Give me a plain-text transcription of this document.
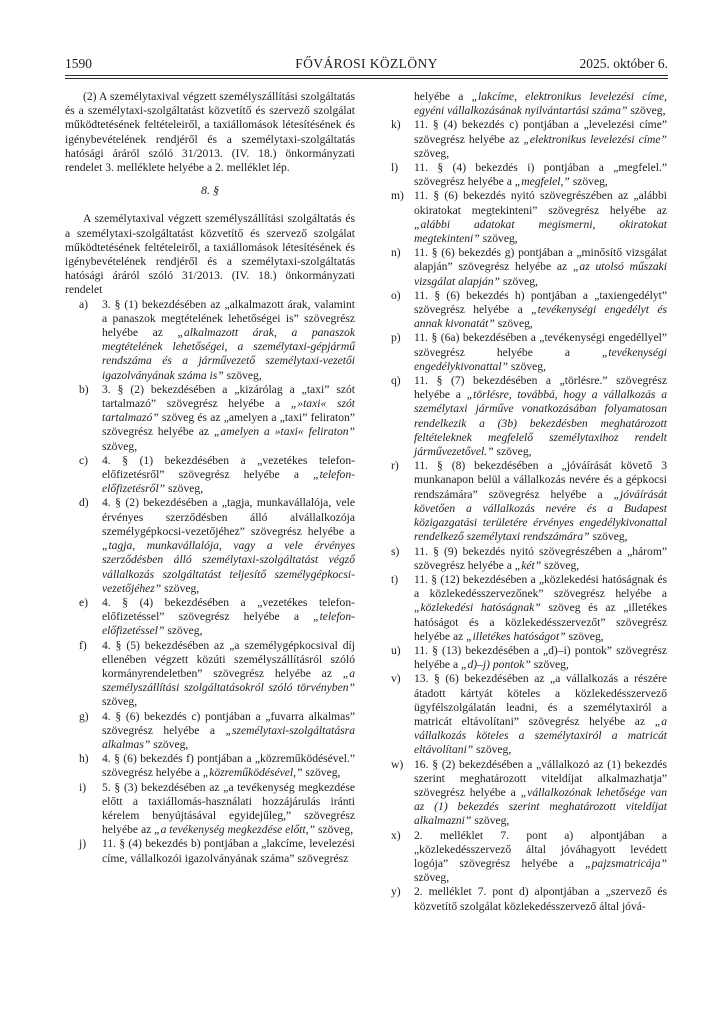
1590	FŐVÁROSI KÖZLÖNY	2025. október 6.

(2) A személytaxival végzett személyszállítási szolgáltatás és a személytaxi-szolgáltatást közvetítő és szervező szolgálat működtetésének feltételeiről, a taxiállomások létesítésének és igénybevételének rendjéről és a személytaxi-szolgáltatás hatósági áráról szóló 31/2013. (IV. 18.) önkormányzati rendelet 3. melléklete helyébe a 2. melléklet lép.

8. §

A személytaxival végzett személyszállítási szolgáltatás és a személytaxi-szolgáltatást közvetítő és szervező szolgálat működtetésének feltételeiről, a taxiállomások létesítésének és igénybevételének rendjéről és a személytaxi-szolgáltatás hatósági áráról szóló 31/2013. (IV. 18.) önkormányzati rendelet

a) 3. § (1) bekezdésében az „alkalmazott árak, valamint a panaszok megtételének lehetőségei is” szövegrész helyébe az „alkalmazott árak, a panaszok megtételének lehetőségei, a személytaxi-gépjármű rendszáma és a járművezető személytaxi-vezetői igazolványának száma is” szöveg,
b) 3. § (2) bekezdésében a „kizárólag a „taxi” szót tartalmazó” szövegrész helyébe a „»taxi« szót tartalmazó” szöveg és az „amelyen a „taxi” feliraton” szövegrész helyébe az „amelyen a »taxi« feliraton” szöveg,
c) 4. § (1) bekezdésében a „vezetékes telefon-előfizetésről” szövegrész helyébe a „telefon-előfizetésről” szöveg,
d) 4. § (2) bekezdésében a „tagja, munkavállalója, vele érvényes szerződésben álló alvállalkozója személygépkocsi-vezetőjéhez” szövegrész helyébe a „tagja, munkavállalója, vagy a vele érvényes szerződésben álló személytaxi-szolgáltatást végző vállalkozás szolgáltatást teljesítő személygépkocsi-vezetőjéhez” szöveg,
e) 4. § (4) bekezdésében a „vezetékes telefon-előfizetéssel” szövegrész helyébe a „telefon-előfizetéssel” szöveg,
f) 4. § (5) bekezdésében az „a személygépkocsival díj ellenében végzett közúti személyszállításról szóló kormányrendeletben” szövegrész helyébe az „a személyszállítási szolgáltatásokról szóló törvényben” szöveg,
g) 4. § (6) bekezdés c) pontjában a „fuvarra alkalmas” szövegrész helyébe a „személytaxi-szolgáltatásra alkalmas” szöveg,
h) 4. § (6) bekezdés f) pontjában a „közreműködésével.” szövegrész helyébe a „közreműködésével,” szöveg,
i) 5. § (3) bekezdésében az „a tevékenység megkezdése előtt a taxiállomás-használati hozzájárulás iránti kérelem benyújtásával egyidejűleg,” szövegrész helyébe az „a tevékenység megkezdése előtt,” szöveg,
j) 11. § (4) bekezdés b) pontjában a „lakcíme, levelezési címe, vállalkozói igazolványának száma” szövegrész
helyébe a „lakcíme, elektronikus levelezési címe, egyéni vállalkozásának nyilvántartási száma” szöveg,
k) 11. § (4) bekezdés c) pontjában a „levelezési címe” szövegrész helyébe az „elektronikus levelezési címe” szöveg,
l) 11. § (4) bekezdés i) pontjában a „megfelel.” szövegrész helyébe a „megfelel,” szöveg,
m) 11. § (6) bekezdés nyitó szövegrészében az „alábbi okiratokat megtekinteni” szövegrész helyébe az „alábbi adatokat megismerni, okiratokat megtekinteni” szöveg,
n) 11. § (6) bekezdés g) pontjában a „minősítő vizsgálat alapján” szövegrész helyébe az „az utolsó műszaki vizsgálat alapján” szöveg,
o) 11. § (6) bekezdés h) pontjában a „taxiengedélyt” szövegrész helyébe a „tevékenységi engedélyt és annak kivonatát” szöveg,
p) 11. § (6a) bekezdésében a „tevékenységi engedéllyel” szövegrész helyébe a „tevékenységi engedélykivonattal” szöveg,
q) 11. § (7) bekezdésében a „törlésre.” szövegrész helyébe a „törlésre, továbbá, hogy a vállalkozás a személytaxi járműve vonatkozásában folyamatosan rendelkezik a (3b) bekezdésben meghatározott feltételeknek megfelelő személytaxihoz rendelt járművezetővel.” szöveg,
r) 11. § (8) bekezdésében a „jóváírását követő 3 munkanapon belül a vállalkozás nevére és a gépkocsi rendszámára” szövegrész helyébe a „jóváírását követően a vállalkozás nevére és a Budapest közigazgatási területére érvényes engedélykivonattal rendelkező személytaxi rendszámára” szöveg,
s) 11. § (9) bekezdés nyitó szövegrészében a „három” szövegrész helyébe a „két” szöveg,
t) 11. § (12) bekezdésében a „közlekedési hatóságnak és a közlekedésszervezőnek” szövegrész helyébe a „közlekedési hatóságnak” szöveg és az „illetékes hatóságot és a közlekedésszervezőt” szövegrész helyébe az „illetékes hatóságot” szöveg,
u) 11. § (13) bekezdésében a „d)–i) pontok” szövegrész helyébe a „d)–j) pontok” szöveg,
v) 13. § (6) bekezdésében az „a vállalkozás a részére átadott kártyát köteles a közlekedésszervező ügyfélszolgálatán leadni, és a személytaxiról a matricát eltávolítani” szövegrész helyébe az „a vállalkozás köteles a személytaxiról a matricát eltávolítani” szöveg,
w) 16. § (2) bekezdésében a „vállalkozó az (1) bekezdés szerint meghatározott viteldíjat alkalmazhatja” szövegrész helyébe a „vállalkozónak lehetősége van az (1) bekezdés szerint meghatározott viteldíjat alkalmazni” szöveg,
x) 2. melléklet 7. pont a) alpontjában a „közlekedésszervező által jóváhagyott levédett logója” szövegrész helyébe a „pajzsmatricája” szöveg,
y) 2. melléklet 7. pont d) alpontjában a „szervező és közvetítő szolgálat közlekedésszervező által jóvá-
